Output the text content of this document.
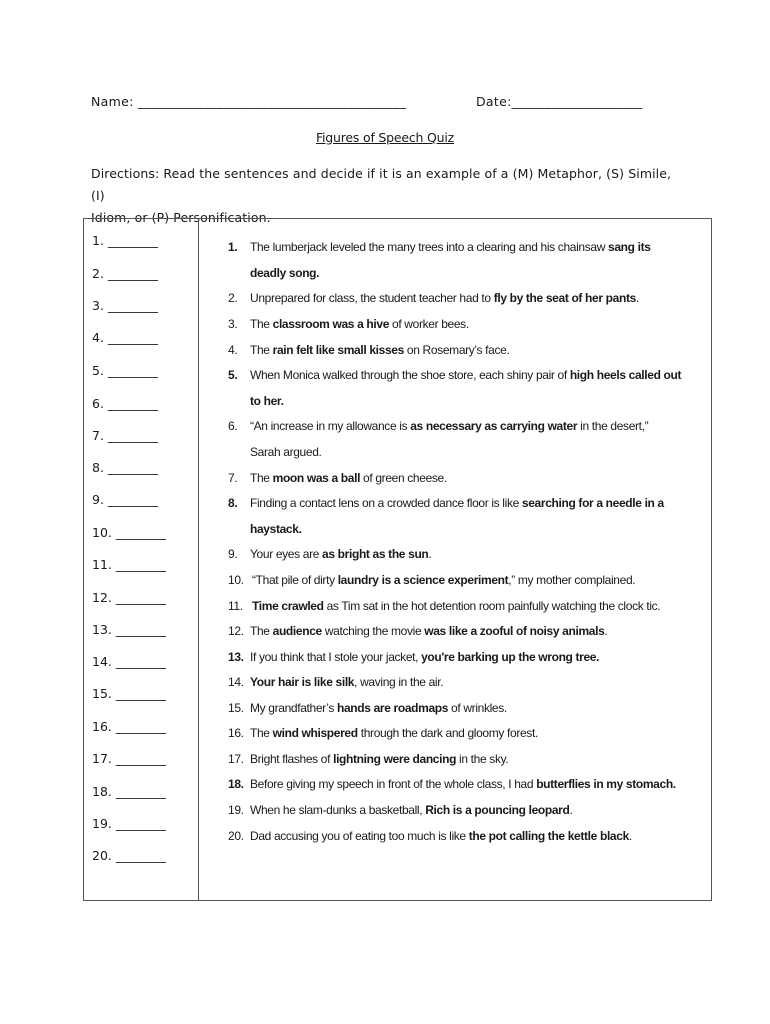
Name: _________________________________________	Date:____________________
Figures of Speech Quiz
Directions: Read the sentences and decide if it is an example of a (M) Metaphor, (S) Simile, (I)
Idiom, or (P) Personification.
1. ________
2. ________
3. ________
4. ________
5. ________
6. ________
7. ________
8. ________
9. ________
10. ________
11. ________
12. ________
13. ________
14. ________
15. ________
16. ________
17. ________
18. ________
19. ________
20. ________
1. The lumberjack leveled the many trees into a clearing and his chainsaw sang its
deadly song.
2. Unprepared for class, the student teacher had to fly by the seat of her pants.
3. The classroom was a hive of worker bees.
4. The rain felt like small kisses on Rosemary’s face.
5. When Monica walked through the shoe store, each shiny pair of high heels called out
to her.
6. “An increase in my allowance is as necessary as carrying water in the desert,”
Sarah argued.
7. The moon was a ball of green cheese.
8. Finding a contact lens on a crowded dance floor is like searching for a needle in a
haystack.
9. Your eyes are as bright as the sun.
10. “That pile of dirty laundry is a science experiment,” my mother complained.
11. Time crawled as Tim sat in the hot detention room painfully watching the clock tic.
12. The audience watching the movie was like a zooful of noisy animals.
13. If you think that I stole your jacket, you're barking up the wrong tree.
14. Your hair is like silk, waving in the air.
15. My grandfather’s hands are roadmaps of wrinkles.
16. The wind whispered through the dark and gloomy forest.
17. Bright flashes of lightning were dancing in the sky.
18. Before giving my speech in front of the whole class, I had butterflies in my stomach.
19. When he slam-dunks a basketball, Rich is a pouncing leopard.
20. Dad accusing you of eating too much is like the pot calling the kettle black.
